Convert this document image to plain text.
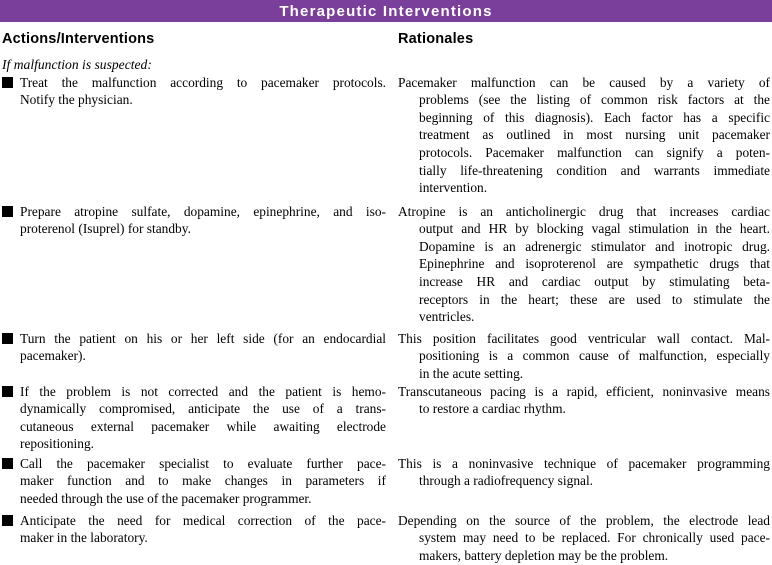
Therapeutic Interventions
Actions/Interventions	Rationales
If malfunction is suspected:
Treat the malfunction according to pacemaker protocols.
Notify the physician.
Pacemaker malfunction can be caused by a variety of
problems (see the listing of common risk factors at the
beginning of this diagnosis). Each factor has a specific
treatment as outlined in most nursing unit pacemaker
protocols. Pacemaker malfunction can signify a poten-
tially life-threatening condition and warrants immediate
intervention.
Prepare atropine sulfate, dopamine, epinephrine, and iso-
proterenol (Isuprel) for standby.
Atropine is an anticholinergic drug that increases cardiac
output and HR by blocking vagal stimulation in the heart.
Dopamine is an adrenergic stimulator and inotropic drug.
Epinephrine and isoproterenol are sympathetic drugs that
increase HR and cardiac output by stimulating beta-
receptors in the heart; these are used to stimulate the
ventricles.
Turn the patient on his or her left side (for an endocardial
pacemaker).
This position facilitates good ventricular wall contact. Mal-
positioning is a common cause of malfunction, especially
in the acute setting.
If the problem is not corrected and the patient is hemo-
dynamically compromised, anticipate the use of a trans-
cutaneous external pacemaker while awaiting electrode
repositioning.
Transcutaneous pacing is a rapid, efficient, noninvasive means
to restore a cardiac rhythm.
Call the pacemaker specialist to evaluate further pace-
maker function and to make changes in parameters if
needed through the use of the pacemaker programmer.
This is a noninvasive technique of pacemaker programming
through a radiofrequency signal.
Anticipate the need for medical correction of the pace-
maker in the laboratory.
Depending on the source of the problem, the electrode lead
system may need to be replaced. For chronically used pace-
makers, battery depletion may be the problem.
